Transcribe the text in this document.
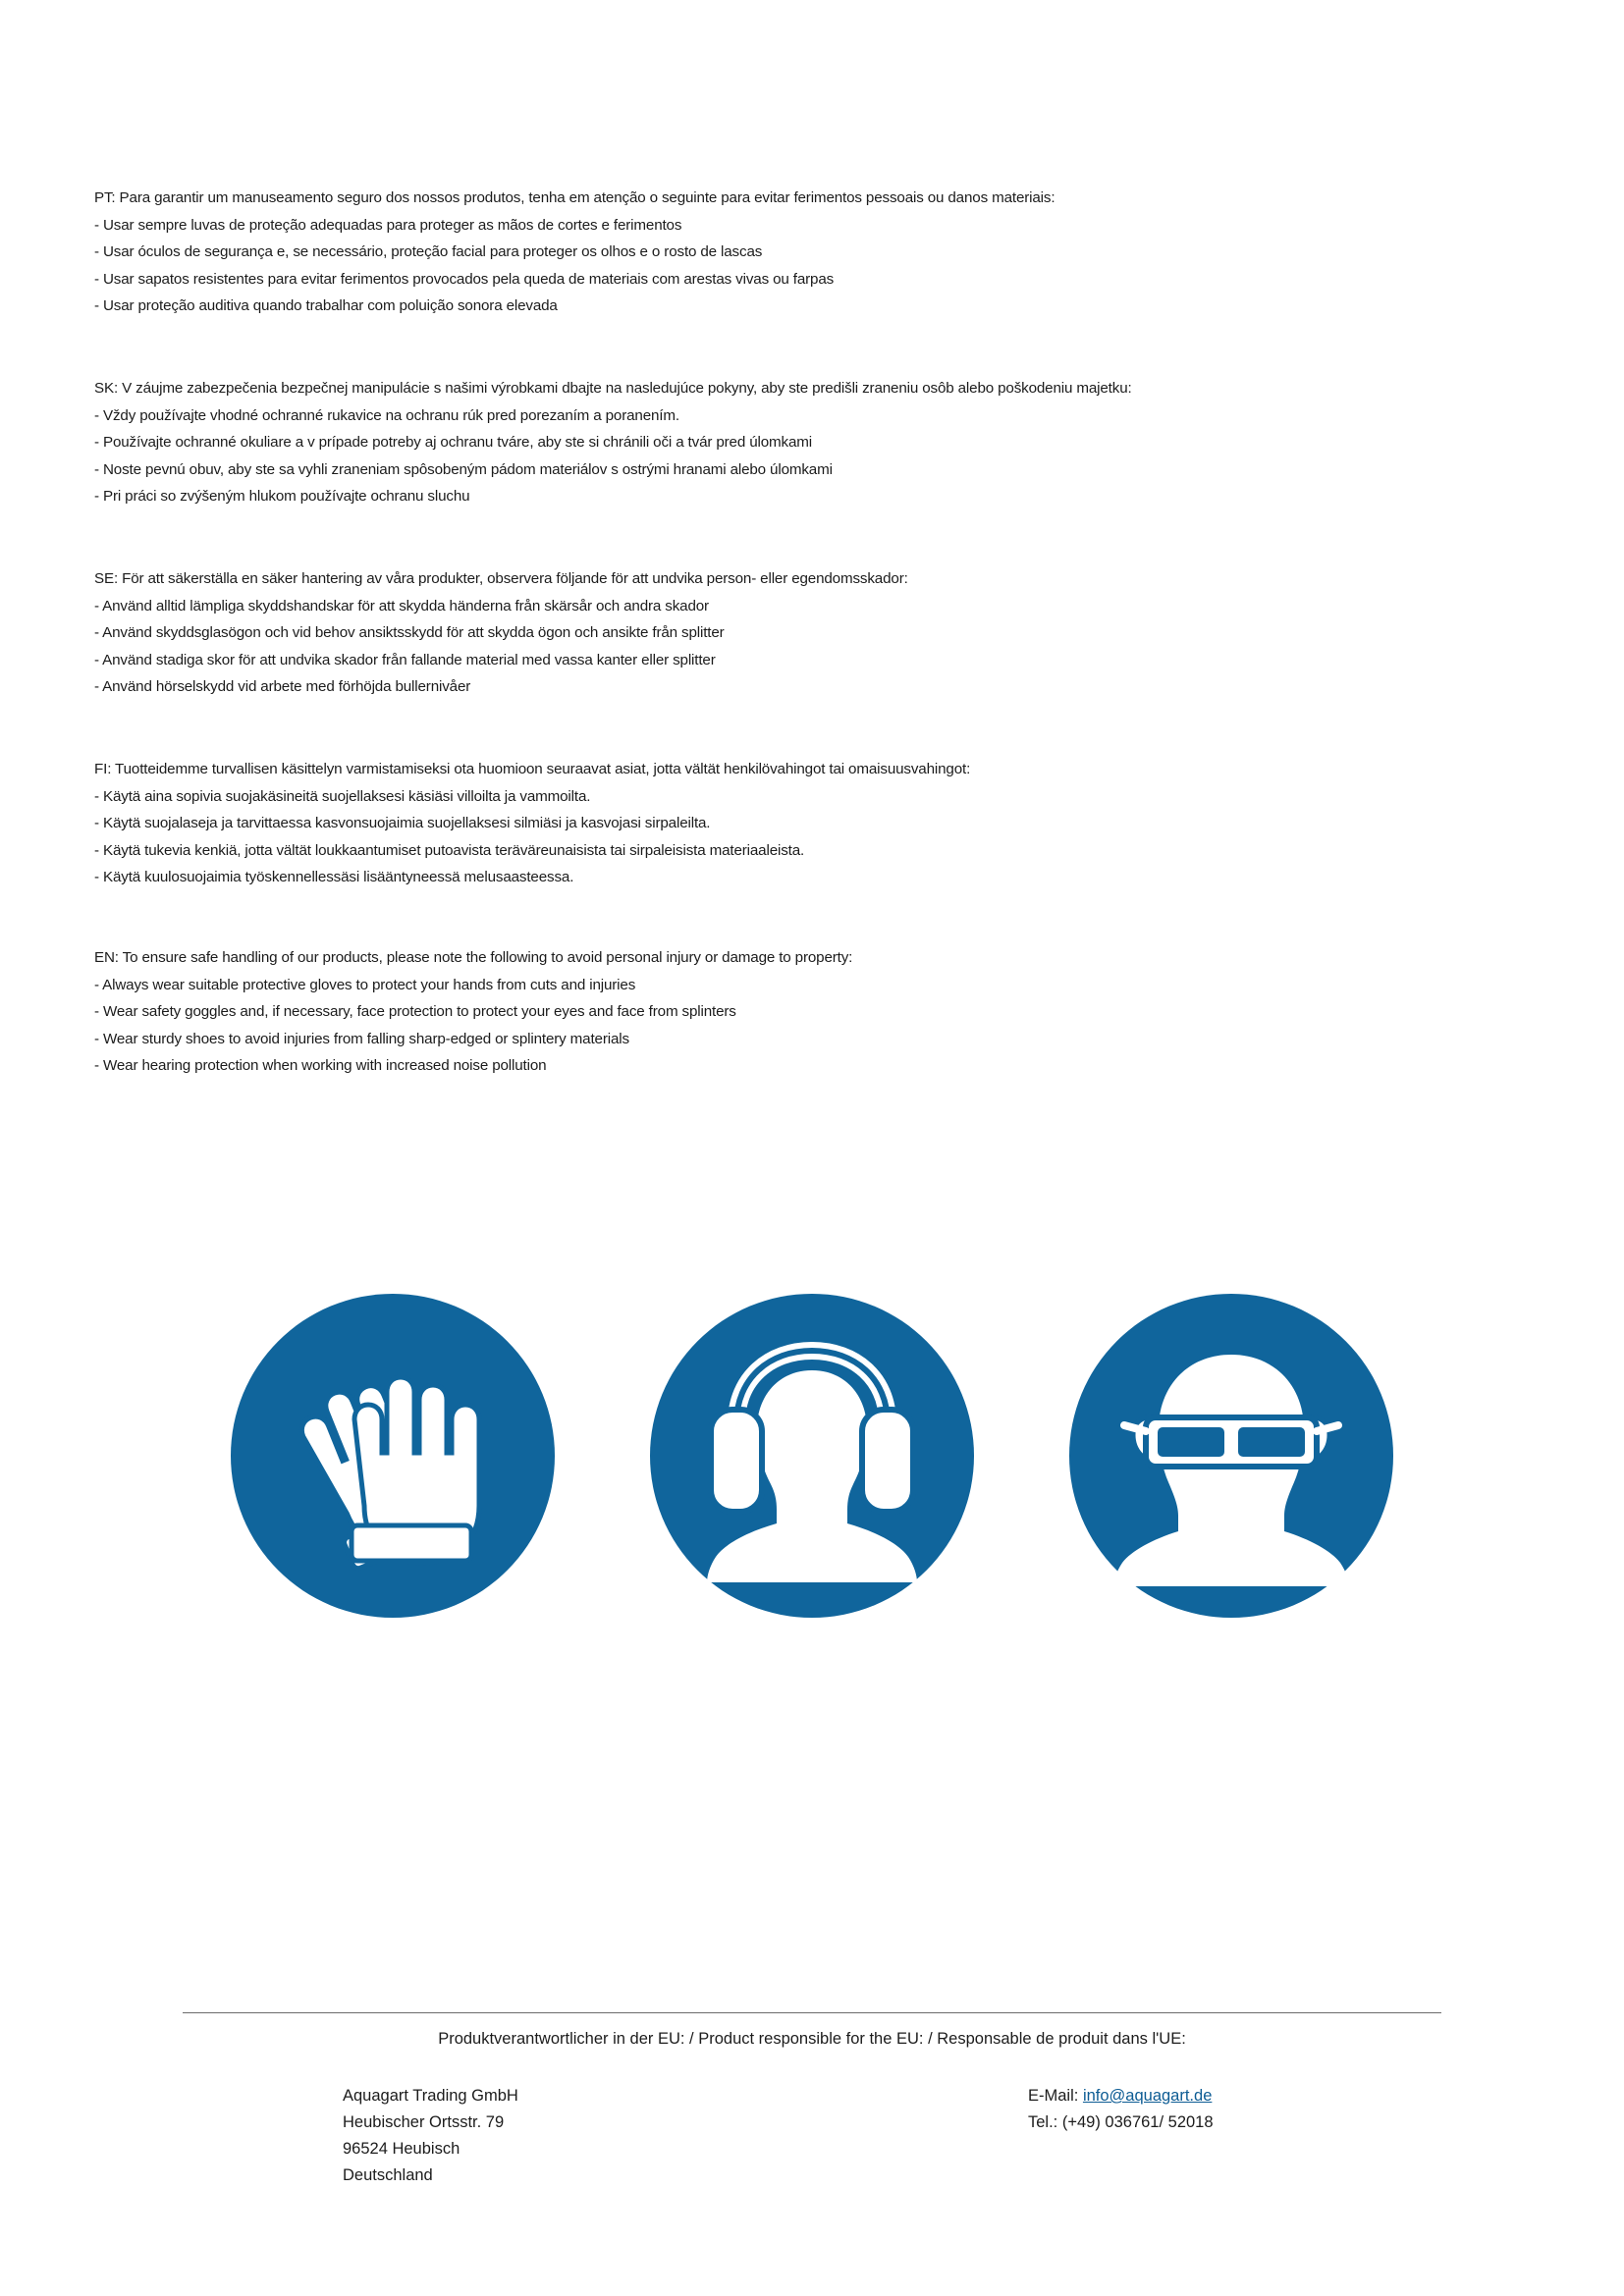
PT: Para garantir um manuseamento seguro dos nossos produtos, tenha em atenção o seguinte para evitar ferimentos pessoais ou danos materiais:
- Usar sempre luvas de proteção adequadas para proteger as mãos de cortes e ferimentos
- Usar óculos de segurança e, se necessário, proteção facial para proteger os olhos e o rosto de lascas
- Usar sapatos resistentes para evitar ferimentos provocados pela queda de materiais com arestas vivas ou farpas
- Usar proteção auditiva quando trabalhar com poluição sonora elevada
SK: V záujme zabezpečenia bezpečnej manipulácie s našimi výrobkami dbajte na nasledujúce pokyny, aby ste predišli zraneniu osôb alebo poškodeniu majetku:
- Vždy používajte vhodné ochranné rukavice na ochranu rúk pred porezaním a poranením.
- Používajte ochranné okuliare a v prípade potreby aj ochranu tváre, aby ste si chránili oči a tvár pred úlomkami
- Noste pevnú obuv, aby ste sa vyhli zraneniam spôsobeným pádom materiálov s ostrými hranami alebo úlomkami
- Pri práci so zvýšeným hlukom používajte ochranu sluchu
SE: För att säkerställa en säker hantering av våra produkter, observera följande för att undvika person- eller egendomsskador:
- Använd alltid lämpliga skyddshandskar för att skydda händerna från skärsår och andra skador
- Använd skyddsglasögon och vid behov ansiktsskydd för att skydda ögon och ansikte från splitter
- Använd stadiga skor för att undvika skador från fallande material med vassa kanter eller splitter
- Använd hörselskydd vid arbete med förhöjda bullernivåer
FI: Tuotteidemme turvallisen käsittelyn varmistamiseksi ota huomioon seuraavat asiat, jotta vältät henkilövahingot tai omaisuusvahingot:
- Käytä aina sopivia suojakäsineitä suojellaksesi käsiäsi villoilta ja vammoilta.
- Käytä suojalaseja ja tarvittaessa kasvonsuojaimia suojellaksesi silmiäsi ja kasvojasi sirpaleilta.
- Käytä tukevia kenkiä, jotta vältät loukkaantumiset putoavista teräväreunaisista tai sirpaleisista materiaaleista.
- Käytä kuulosuojaimia työskennellessäsi lisääntyneessä melusaasteessa.
EN: To ensure safe handling of our products, please note the following to avoid personal injury or damage to property:
- Always wear suitable protective gloves to protect your hands from cuts and injuries
- Wear safety goggles and, if necessary, face protection to protect your eyes and face from splinters
- Wear sturdy shoes to avoid injuries from falling sharp-edged or splintery materials
- Wear hearing protection when working with increased noise pollution
Produktverantwortlicher in der EU: / Product responsible for the EU: / Responsable de produit dans l'UE:
Aquagart Trading GmbH
Heubischer Ortsstr. 79
96524 Heubisch
Deutschland
E-Mail: info@aquagart.de
Tel.: (+49) 036761/ 52018
